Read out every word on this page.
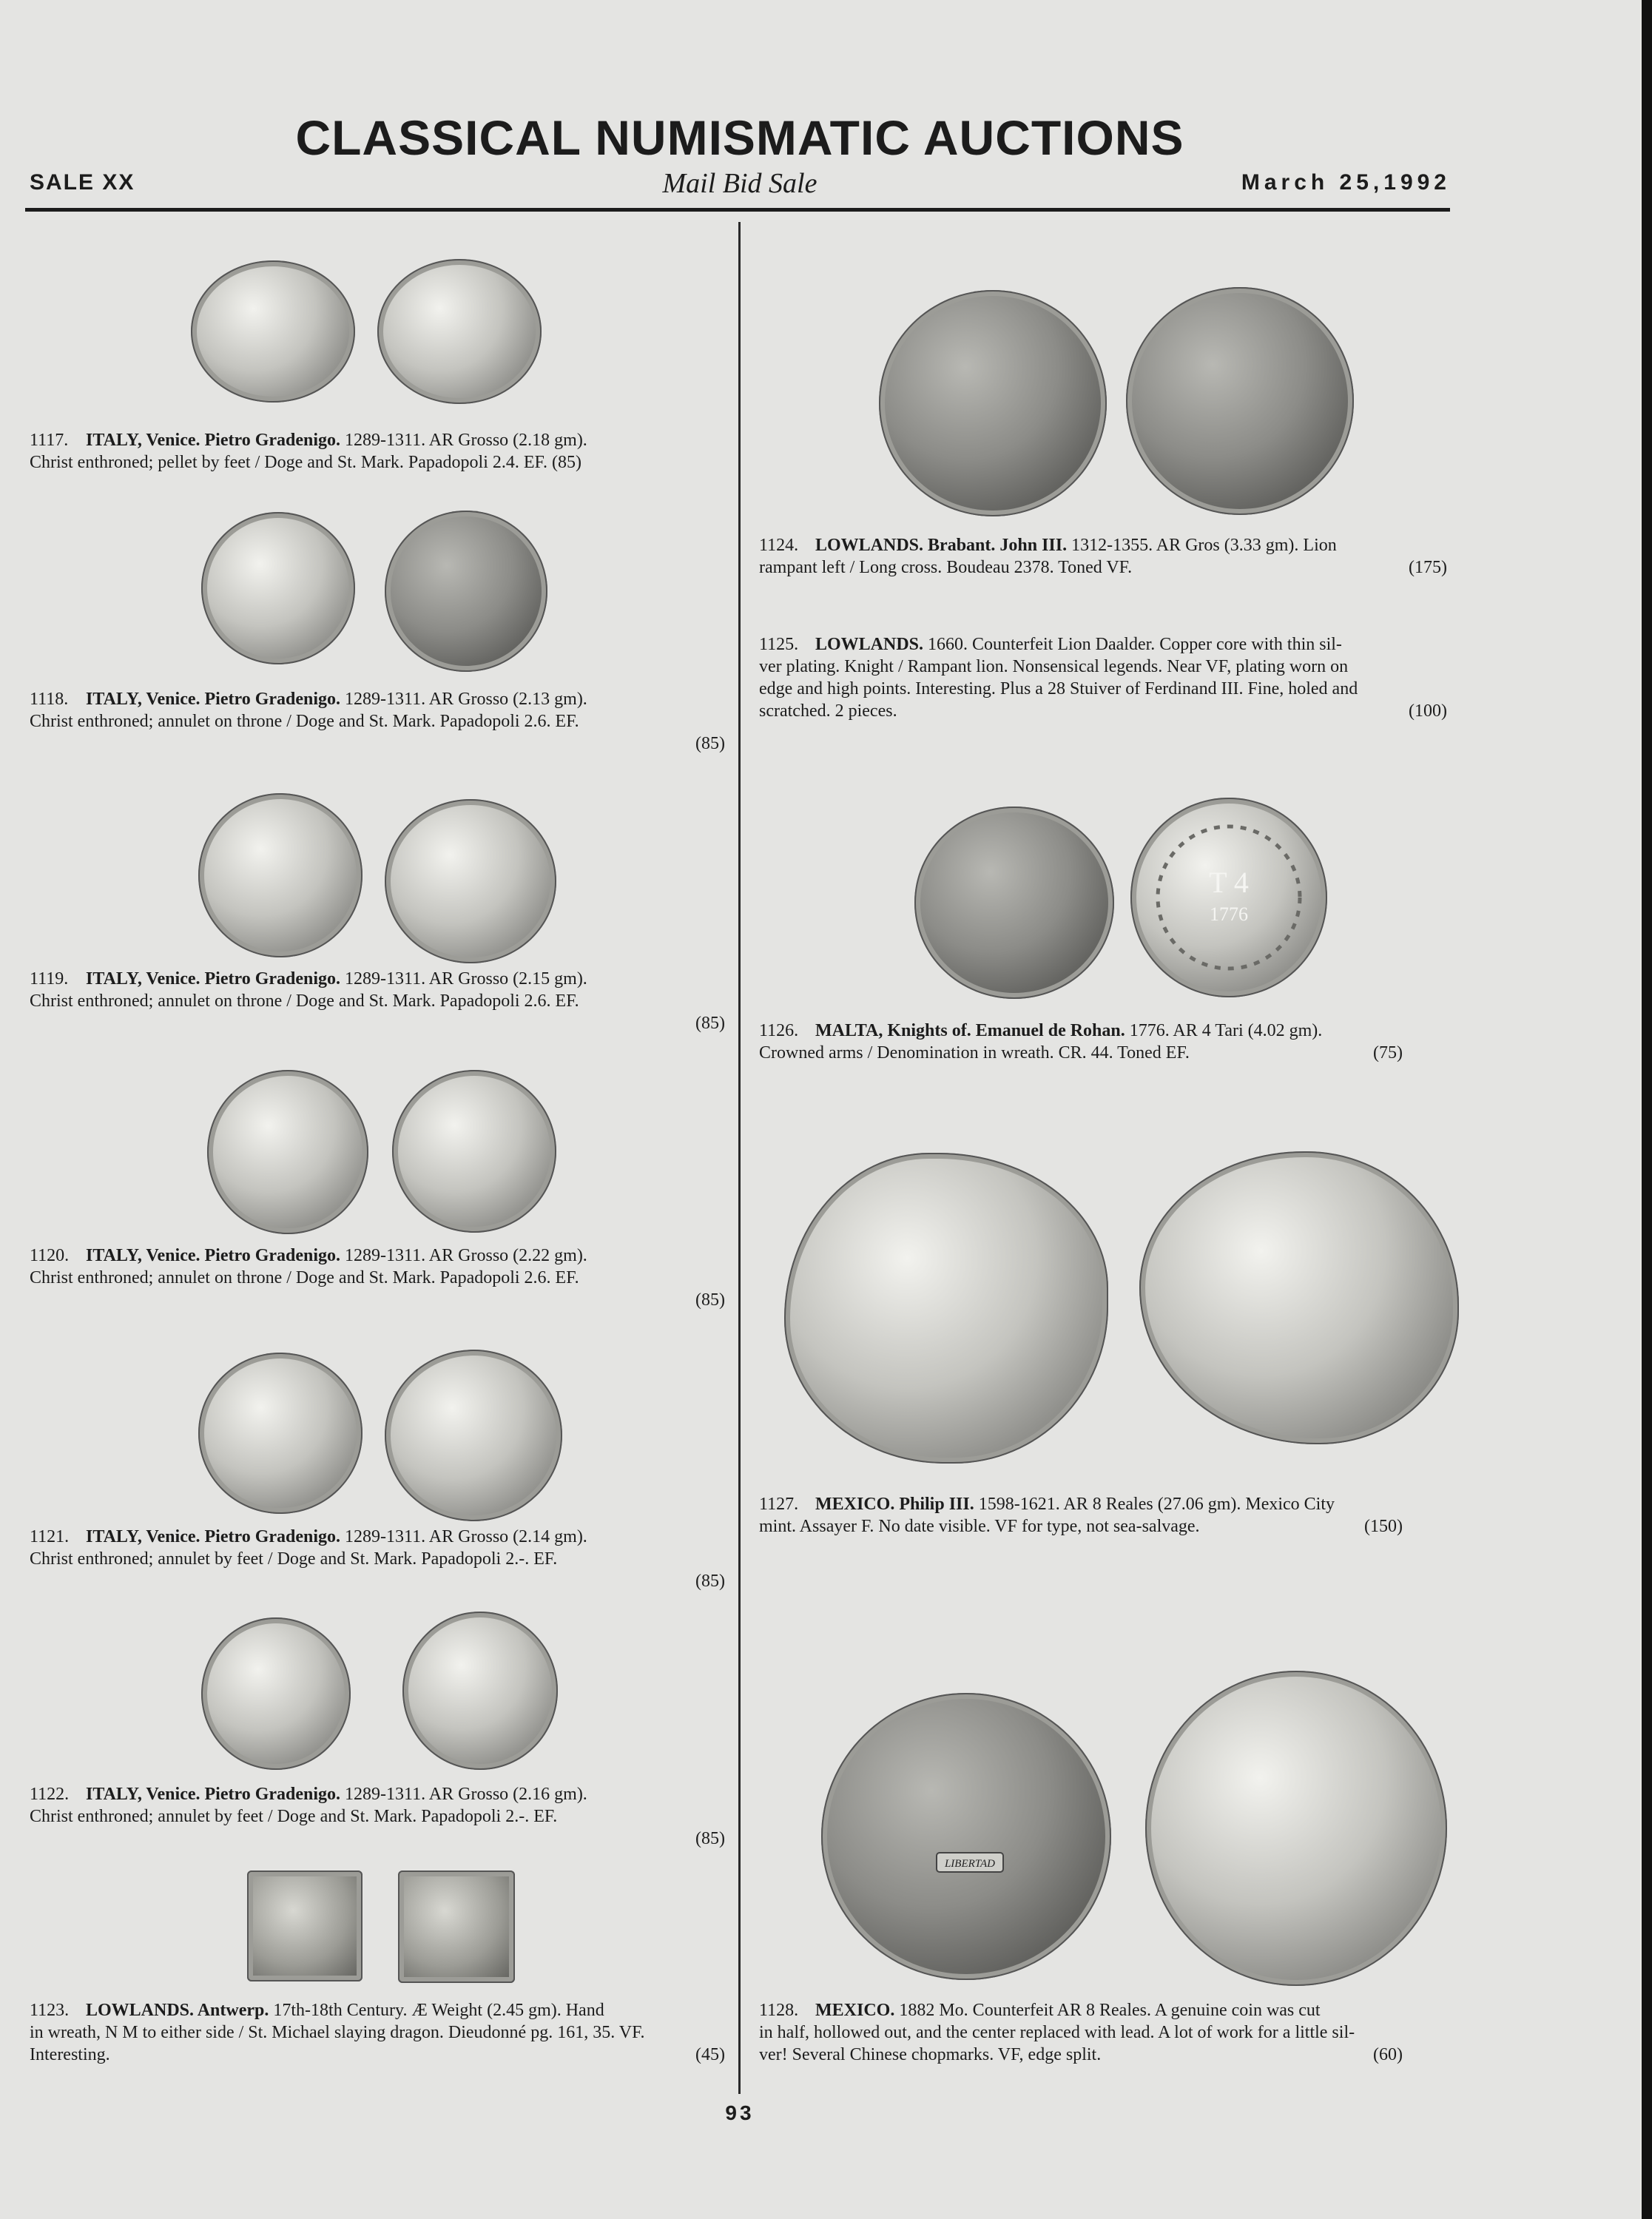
CLASSICAL NUMISMATIC AUCTIONS
SALE XX	Mail Bid Sale	March 25,1992
1117. ITALY, Venice. Pietro Gradenigo. 1289-1311. AR Grosso (2.18 gm).
Christ enthroned; pellet by feet / Doge and St. Mark. Papadopoli 2.4. EF. (85)
1118. ITALY, Venice. Pietro Gradenigo. 1289-1311. AR Grosso (2.13 gm).
Christ enthroned; annulet on throne / Doge and St. Mark. Papadopoli 2.6. EF.
(85)
1119. ITALY, Venice. Pietro Gradenigo. 1289-1311. AR Grosso (2.15 gm).
Christ enthroned; annulet on throne / Doge and St. Mark. Papadopoli 2.6. EF.
(85)
1120. ITALY, Venice. Pietro Gradenigo. 1289-1311. AR Grosso (2.22 gm).
Christ enthroned; annulet on throne / Doge and St. Mark. Papadopoli 2.6. EF.
(85)
1121. ITALY, Venice. Pietro Gradenigo. 1289-1311. AR Grosso (2.14 gm).
Christ enthroned; annulet by feet / Doge and St. Mark. Papadopoli 2.-. EF.
(85)
1122. ITALY, Venice. Pietro Gradenigo. 1289-1311. AR Grosso (2.16 gm).
Christ enthroned; annulet by feet / Doge and St. Mark. Papadopoli 2.-. EF.
(85)
1123. LOWLANDS. Antwerp. 17th-18th Century. Æ Weight (2.45 gm). Hand
in wreath, N M to either side / St. Michael slaying dragon. Dieudonné pg. 161, 35. VF.
Interesting.	(45)
T 4
1776
LIBERTAD
1124. LOWLANDS. Brabant. John III. 1312-1355. AR Gros (3.33 gm). Lion
rampant left / Long cross. Boudeau 2378. Toned VF.	(175)
1125. LOWLANDS. 1660. Counterfeit Lion Daalder. Copper core with thin sil-
ver plating. Knight / Rampant lion. Nonsensical legends. Near VF, plating worn on
edge and high points. Interesting. Plus a 28 Stuiver of Ferdinand III. Fine, holed and
scratched. 2 pieces.	(100)
1126. MALTA, Knights of. Emanuel de Rohan. 1776. AR 4 Tari (4.02 gm).
Crowned arms / Denomination in wreath. CR. 44. Toned EF.	(75)
1127. MEXICO. Philip III. 1598-1621. AR 8 Reales (27.06 gm). Mexico City
mint. Assayer F. No date visible. VF for type, not sea-salvage.	(150)
1128. MEXICO. 1882 Mo. Counterfeit AR 8 Reales. A genuine coin was cut
in half, hollowed out, and the center replaced with lead. A lot of work for a little sil-
ver! Several Chinese chopmarks. VF, edge split.	(60)
93
